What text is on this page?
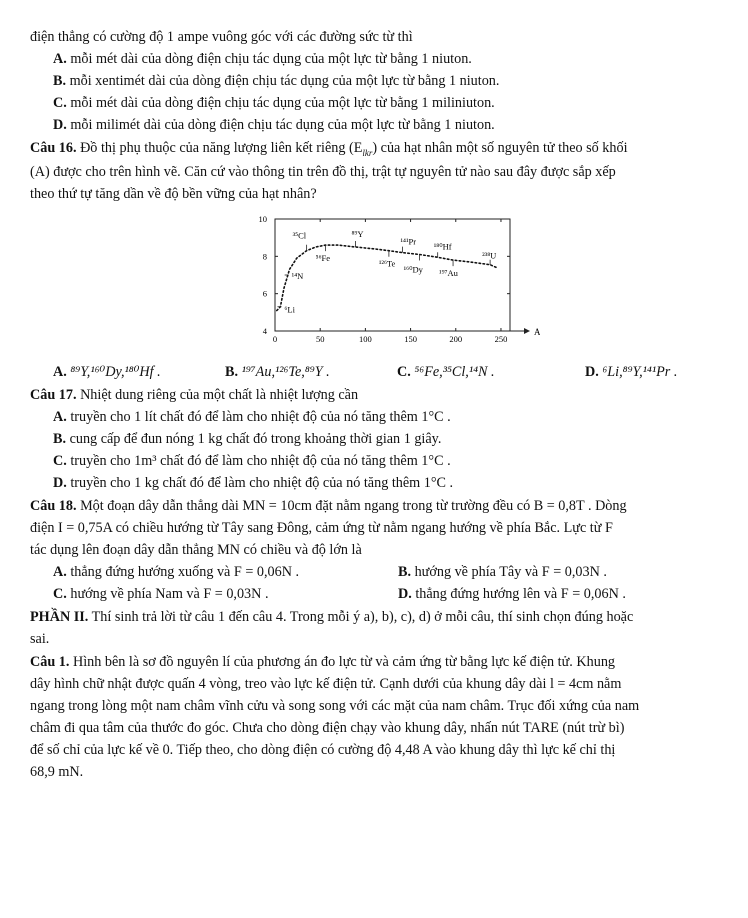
điện thẳng có cường độ 1 ampe vuông góc với các đường sức từ thì
A. mỗi mét dài của dòng điện chịu tác dụng của một lực từ bằng 1 niuton.
B. mỗi xentimét dài của dòng điện chịu tác dụng của một lực từ bằng 1 niuton.
C. mỗi mét dài của dòng điện chịu tác dụng của một lực từ bằng 1 miliniuton.
D. mỗi milimét dài của dòng điện chịu tác dụng của một lực từ bằng 1 niuton.
Câu 16. Đồ thị phụ thuộc của năng lượng liên kết riêng $(E_{lkr})$ của hạt nhân một số nguyên tử theo số khối
(A) được cho trên hình vẽ. Căn cứ vào thông tin trên đồ thị, trật tự nguyên tử nào sau đây được sắp xếp
theo thứ tự tăng dần về độ bền vững của hạt nhân?
A
0	50	100	150	200	250
4
6
8
10
⁶Li
¹⁴N
³⁵Cl
⁵⁶Fe
⁸⁹Y
¹²⁶Te
¹⁴¹Pr
¹⁶⁰Dy
¹⁸⁰Hf
¹⁹⁷Au
²³⁸U
A. ⁸⁹Y,¹⁶⁰Dy,¹⁸⁰Hf .	B. ¹⁹⁷Au,¹²⁶Te,⁸⁹Y .	C. ⁵⁶Fe,³⁵Cl,¹⁴N .	D. ⁶Li,⁸⁹Y,¹⁴¹Pr .
Câu 17. Nhiệt dung riêng của một chất là nhiệt lượng cần
A. truyền cho 1 lít chất đó để làm cho nhiệt độ của nó tăng thêm 1°C .
B. cung cấp để đun nóng 1 kg chất đó trong khoảng thời gian 1 giây.
C. truyền cho 1m³ chất đó để làm cho nhiệt độ của nó tăng thêm 1°C .
D. truyền cho 1 kg chất đó để làm cho nhiệt độ của nó tăng thêm 1°C .
Câu 18. Một đoạn dây dẫn thẳng dài MN = 10cm đặt nằm ngang trong từ trường đều có B = 0,8T . Dòng
điện I = 0,75A có chiều hướng từ Tây sang Đông, cảm ứng từ nằm ngang hướng về phía Bắc. Lực từ F
tác dụng lên đoạn dây dẫn thẳng MN có chiều và độ lớn là
A. thẳng đứng hướng xuống và F = 0,06N .	B. hướng về phía Tây và F = 0,03N .
C. hướng về phía Nam và F = 0,03N .	D. thẳng đứng hướng lên và F = 0,06N .
PHẦN II. Thí sinh trả lời từ câu 1 đến câu 4. Trong mỗi ý a), b), c), d) ở mỗi câu, thí sinh chọn đúng hoặc
sai.
Câu 1. Hình bên là sơ đồ nguyên lí của phương án đo lực từ và cảm ứng từ bằng lực kế điện tử. Khung
dây hình chữ nhật được quấn 4 vòng, treo vào lực kế điện tử. Cạnh dưới của khung dây dài l = 4cm nằm
ngang trong lòng một nam châm vĩnh cửu và song song với các mặt của nam châm. Trục đối xứng của nam
châm đi qua tâm của thước đo góc. Chưa cho dòng điện chạy vào khung dây, nhấn nút TARE (nút trừ bì)
để số chỉ của lực kế về 0. Tiếp theo, cho dòng điện có cường độ 4,48 A vào khung dây thì lực kế chỉ thị
68,9 mN.
